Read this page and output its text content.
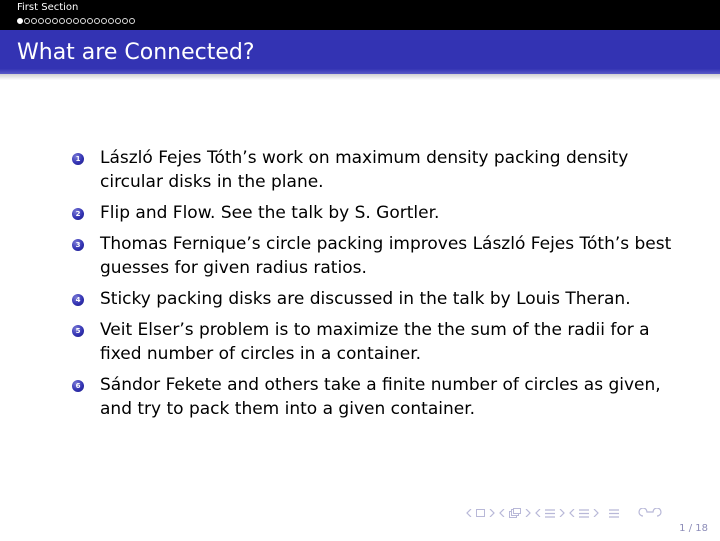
First Section
What are Connected?
1 László Fejes Tóth’s work on maximum density packing density circular disks in the plane.
2 Flip and Flow. See the talk by S. Gortler.
3 Thomas Fernique’s circle packing improves László Fejes Tóth’s best guesses for given radius ratios.
4 Sticky packing disks are discussed in the talk by Louis Theran.
5 Veit Elser’s problem is to maximize the the sum of the radii for a fixed number of circles in a container.
6 Sándor Fekete and others take a finite number of circles as given, and try to pack them into a given container.
1 / 18
